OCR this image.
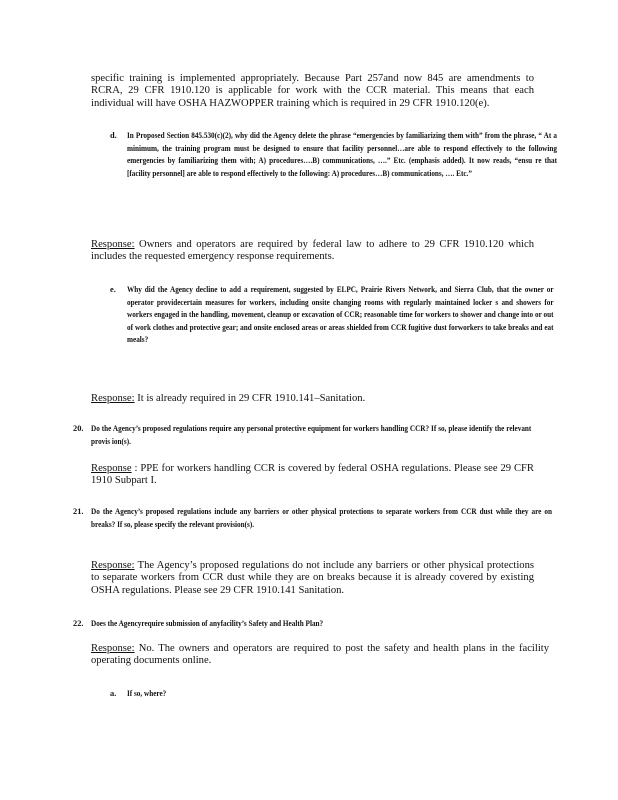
specific training is implemented appropriately. Because Part 257and now 845 are amendments to RCRA, 29 CFR 1910.120 is applicable for work with the CCR material. This means that each individual will have OSHA HAZWOPPER training which is required in 29 CFR 1910.120(e).

d. In Proposed Section 845.530(c)(2), why did the Agency delete the phrase “emergencies by familiarizing them with” from the phrase, “ At a minimum, the training program must be designed to ensure that facility personnel…are able to respond effectively to the following emergencies by familiarizing them with; A) procedures….B) communications, ….” Etc. (emphasis added). It now reads, “ensu re that [facility personnel] are able to respond effectively to the following: A) procedures…B) communications, …. Etc.”

Response: Owners and operators are required by federal law to adhere to 29 CFR 1910.120 which includes the requested emergency response requirements.

e. Why did the Agency decline to add a requirement, suggested by ELPC, Prairie Rivers Network, and Sierra Club, that the owner or operator providecertain measures for workers, including onsite changing rooms with regularly maintained locker s and showers for workers engaged in the handling, movement, cleanup or excavation of CCR; reasonable time for workers to shower and change into or out of work clothes and protective gear; and onsite enclosed areas or areas shielded from CCR fugitive dust forworkers to take breaks and eat meals?

Response: It is already required in 29 CFR 1910.141–Sanitation.

20. Do the Agency’s proposed regulations require any personal protective equipment for workers handling CCR? If so, please identify the relevant provis ion(s).

Response : PPE for workers handling CCR is covered by federal OSHA regulations. Please see 29 CFR 1910 Subpart I.

21. Do the Agency’s proposed regulations include any barriers or other physical protections to separate workers from CCR dust while they are on breaks? If so, please specify the relevant provision(s).

Response: The Agency’s proposed regulations do not include any barriers or other physical protections to separate workers from CCR dust while they are on breaks because it is already covered by existing OSHA regulations. Please see 29 CFR 1910.141 Sanitation.

22. Does the Agencyrequire submission of anyfacility’s Safety and Health Plan?

Response: No. The owners and operators are required to post the safety and health plans in the facility operating documents online.

a. If so, where?
